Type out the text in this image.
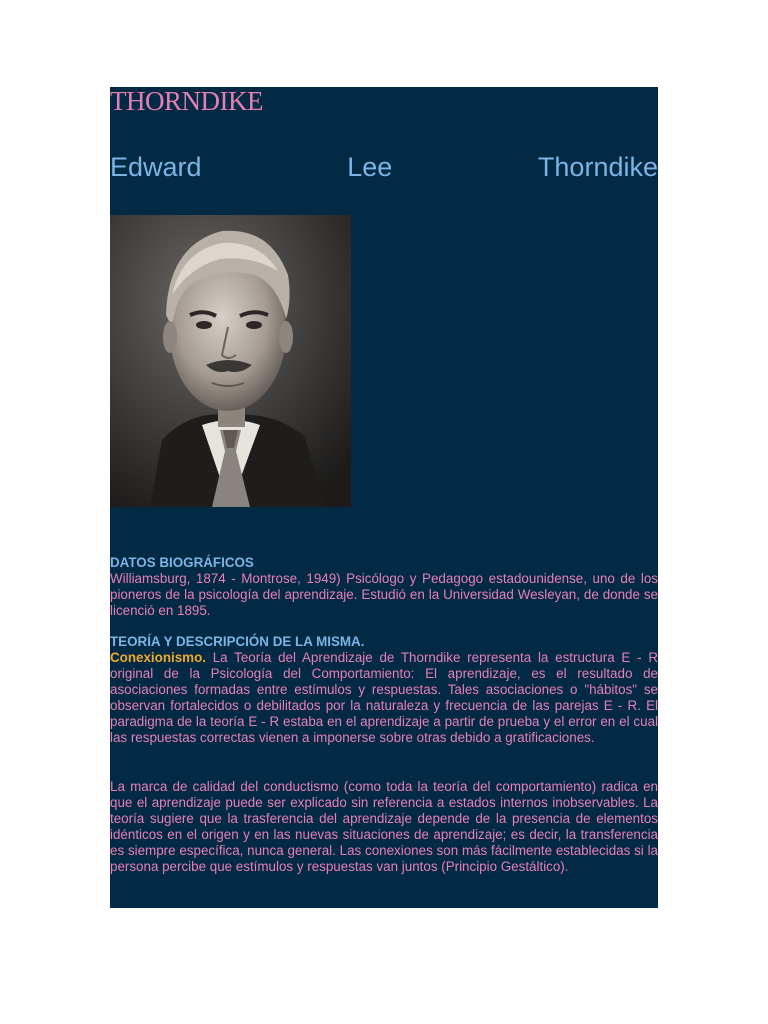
THORNDIKE
Edward	Lee	Thorndike
DATOS BIOGRÁFICOS

Williamsburg, 1874 - Montrose, 1949) Psicólogo y Pedagogo estadounidense, uno de los pioneros de la psicología del aprendizaje. Estudió en la Universidad Wesleyan, de donde se licenció en 1895.

TEORÍA Y DESCRIPCIÓN DE LA MISMA.

Conexionismo. La Teoría del Aprendizaje de Thorndike representa la estructura E - R original de la Psicología del Comportamiento: El aprendizaje, es el resultado de asociaciones formadas entre estímulos y respuestas. Tales asociaciones o "hábitos" se observan fortalecidos o debilitados por la naturaleza y frecuencia de las parejas E - R. El paradigma de la teoría E - R estaba en el aprendizaje a partir de prueba y el error en el cual las respuestas correctas vienen a imponerse sobre otras debido a gratificaciones.

La marca de calidad del conductismo (como toda la teoría del comportamiento) radica en que el aprendizaje puede ser explicado sin referencia a estados internos inobservables. La teoría sugiere que la trasferencia del aprendizaje depende de la presencia de elementos idénticos en el origen y en las nuevas situaciones de aprendizaje; es decir, la transferencia es siempre específica, nunca general. Las conexiones son más fácilmente establecidas si la persona percibe que estímulos y respuestas van juntos (Principio Gestáltico).
